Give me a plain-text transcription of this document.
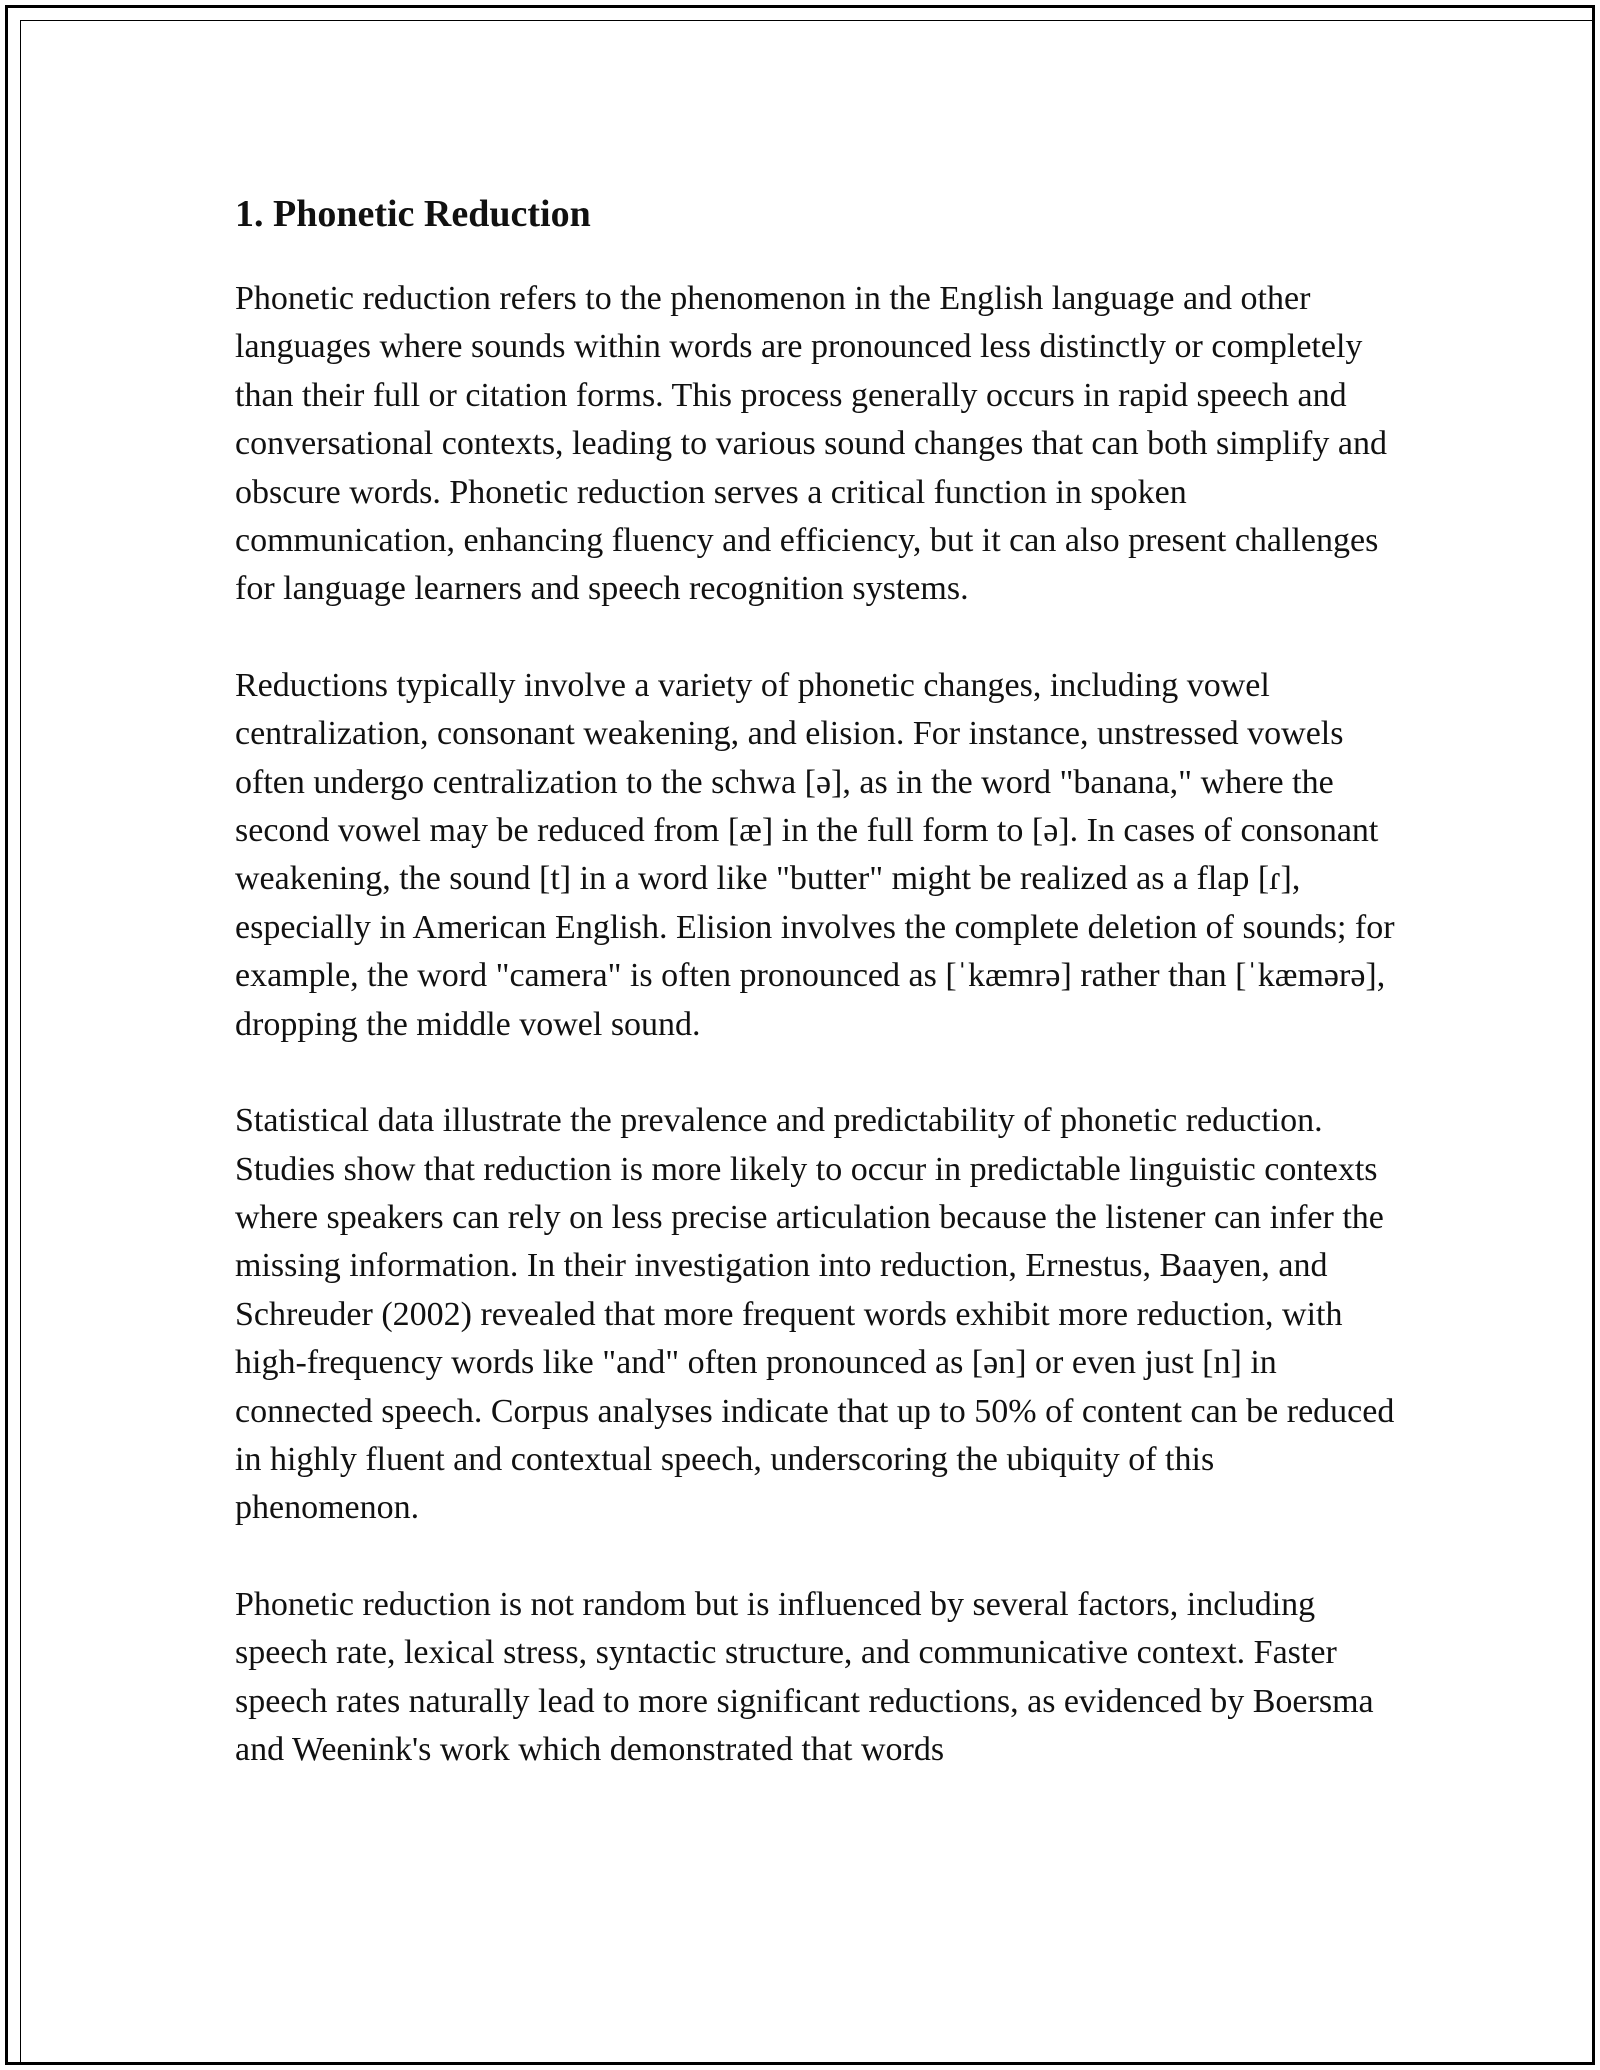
1. Phonetic Reduction

Phonetic reduction refers to the phenomenon in the English language and other languages where sounds within words are pronounced less distinctly or completely than their full or citation forms. This process generally occurs in rapid speech and conversational contexts, leading to various sound changes that can both simplify and obscure words. Phonetic reduction serves a critical function in spoken communication, enhancing fluency and efficiency, but it can also present challenges for language learners and speech recognition systems.

Reductions typically involve a variety of phonetic changes, including vowel centralization, consonant weakening, and elision. For instance, unstressed vowels often undergo centralization to the schwa [ə], as in the word "banana," where the second vowel may be reduced from [æ] in the full form to [ə]. In cases of consonant weakening, the sound [t] in a word like "butter" might be realized as a flap [ɾ], especially in American English. Elision involves the complete deletion of sounds; for example, the word "camera" is often pronounced as [ˈkæmrə] rather than [ˈkæmərə], dropping the middle vowel sound.

Statistical data illustrate the prevalence and predictability of phonetic reduction. Studies show that reduction is more likely to occur in predictable linguistic contexts where speakers can rely on less precise articulation because the listener can infer the missing information. In their investigation into reduction, Ernestus, Baayen, and Schreuder (2002) revealed that more frequent words exhibit more reduction, with high-frequency words like "and" often pronounced as [ən] or even just [n] in connected speech. Corpus analyses indicate that up to 50% of content can be reduced in highly fluent and contextual speech, underscoring the ubiquity of this phenomenon.

Phonetic reduction is not random but is influenced by several factors, including speech rate, lexical stress, syntactic structure, and communicative context. Faster speech rates naturally lead to more significant reductions, as evidenced by Boersma and Weenink's work which demonstrated that words
